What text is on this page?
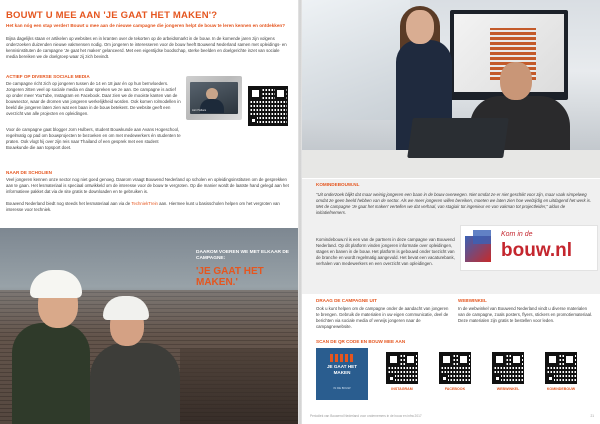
BOUWT U MEE AAN 'JE GAAT HET MAKEN'?
Het kan nóg een stap verder! Bouwt u mee aan de nieuwe campagne die jongeren helpt de bouw te leren kennen en ontdekken?
Bijna dagelijks staan er artikelen op websites en in kranten over de tekorten op de arbeidsmarkt in de bouw. In de komende jaren zijn volgens onderzoeken duizenden nieuwe vakmensen nodig. Om jongeren te interesseren voor de bouw heeft Bouwend Nederland samen met opleidings- en kennisinstituten de campagne 'Je gaat het maken' gelanceerd. Met een eigentijdse boodschap, sterke beelden en doelgerichte inzet van sociale media bereiken we de doelgroep waar zij zich bevindt.
ACTIEF OP DIVERSE SOCIALE MEDIA
De campagne richt zich op jongeren tussen de 14 en 18 jaar én op hun beïnvloeders. Jongeren zitten veel op sociale media en daar spreken we ze aan. De campagne is actief op onder meer YouTube, Instagram en Facebook. Daar zien we de mooiste kanten van de bouwsector, waar de dromen van jongeren werkelijkheid worden. Ook komen rolmodellen in beeld die jongeren laten zien wat een baan in de bouw betekent. De website geeft een overzicht van alle projecten en opleidingen.
Voor de campagne gaat blogger Jorn Hulbers, student Bouwkunde aan Avans Hogeschool, regelmatig op pad om bouwprojecten te bezoeken en om met medewerkers én studenten te praten. Ook vlogt hij over zijn reis naar Thailand of een gesprek met een student Bouwkunde die aan topsport doet.
Jorn Hulbers
NAAR DE SCHOLIEN
Veel jongeren kennen onze sector nog niet goed genoeg. Daarom vraagt Bouwend Nederland op scholen en opleidingsinstituten om de gesprekken aan te gaan. Het lesmateriaal is speciaal ontwikkeld om de interesse voor de bouw te vergroten. Op die manier wordt de laatste hand gelegd aan het informatieve pakket dat via de site gratis te downloaden en te gebruiken is.
Bouwend Nederland biedt nog steeds het lesmateriaal aan via de TechniekTrein aan. Hiermee kunt u basisscholen helpen om het vergroten van interesse voor techniek.
DAAROM VOEREN WE MET ELKAAR DE CAMPAGNE:
'JE GAAT HET MAKEN.'
KOMINDEBOUW.NL
"Uit onderzoek blijkt dat maar weinig jongeren een baan in de bouw overwegen. Niet omdat ze er niet geschikt voor zijn, maar vaak simpelweg omdat ze geen beeld hebben van de sector. Als we meer jongeren willen bereiken, moeten we laten zien hoe veelzijdig en uitdagend het werk is. Met de campagne 'Je gaat het maken' vertellen we dat verhaal, van stagiair tot ingenieur en van vakman tot projectleider," aldus de initiatiefnemers.
Komindebouw.nl is een van de partners in deze campagne van Bouwend Nederland. Op dit platform vinden jongeren informatie over opleidingen, stages en banen in de bouw. Het platform is gebouwd onder toezicht van de branche en wordt regelmatig aangevuld. Het bevat een vacaturebank, verhalen van medewerkers en een overzicht van opleidingen.
Kom in de
bouw.nl
DRAAG DE CAMPAGNE UIT
Ook u kunt helpen om de campagne onder de aandacht van jongeren te brengen. Gebruik de materialen in uw eigen communicatie, deel de berichten via sociale media of verwijs jongeren naar de campagnewebsite.
WEBWINKEL
In de webwinkel van Bouwend Nederland vindt u diverse materialen van de campagne, zoals posters, flyers, stickers en promotiemateriaal. Deze materialen zijn gratis te bestellen voor leden.
SCAN DE QR CODE EN BOUW MEE AAN
JE GAAT HET MAKEN
IN DE BOUW	INSTAGRAM	FACEBOOK	WEBWINKEL	KOMINDEBOUW
Periodiek van Bouwend Nederland voor ondernemers in de bouw en infra 2017	21
